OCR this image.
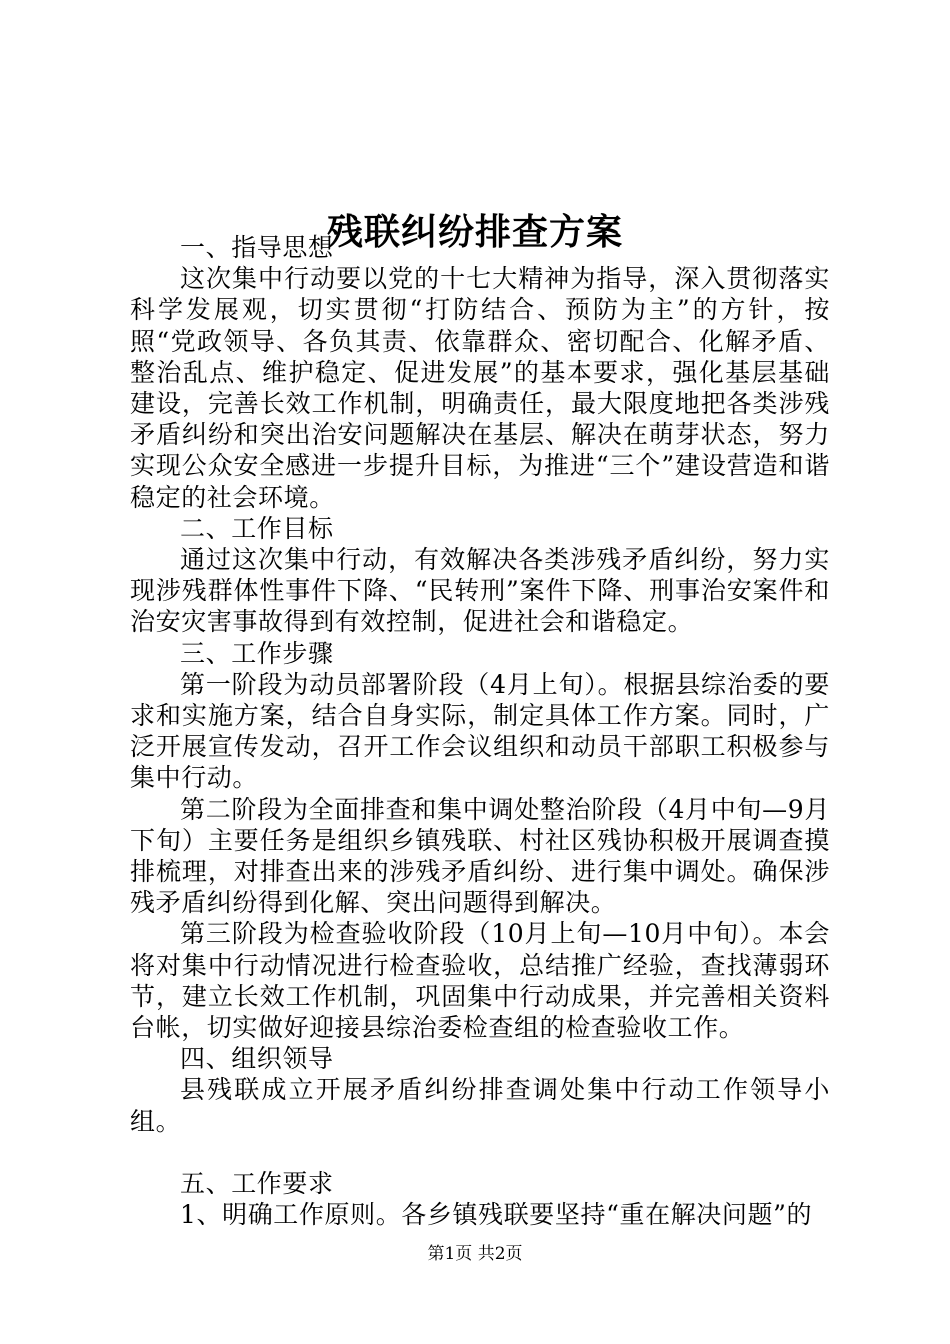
残联纠纷排查方案

一、指导思想

这次集中行动要以党的十七大精神为指导，深入贯彻落实科学发展观，切实贯彻“打防结合、预防为主”的方针，按照“党政领导、各负其责、依靠群众、密切配合、化解矛盾、整治乱点、维护稳定、促进发展”的基本要求，强化基层基础建设，完善长效工作机制，明确责任，最大限度地把各类涉残矛盾纠纷和突出治安问题解决在基层、解决在萌芽状态，努力实现公众安全感进一步提升目标，为推进“三个”建设营造和谐稳定的社会环境。

二、工作目标

通过这次集中行动，有效解决各类涉残矛盾纠纷，努力实现涉残群体性事件下降、“民转刑”案件下降、刑事治安案件和治安灾害事故得到有效控制，促进社会和谐稳定。

三、工作步骤

第一阶段为动员部署阶段（4月上旬）。根据县综治委的要求和实施方案，结合自身实际，制定具体工作方案。同时，广泛开展宣传发动，召开工作会议组织和动员干部职工积极参与集中行动。

第二阶段为全面排查和集中调处整治阶段（4月中旬—9月下旬）主要任务是组织乡镇残联、村社区残协积极开展调查摸排梳理，对排查出来的涉残矛盾纠纷、进行集中调处。确保涉残矛盾纠纷得到化解、突出问题得到解决。

第三阶段为检查验收阶段（10月上旬—10月中旬）。本会将对集中行动情况进行检查验收，总结推广经验，查找薄弱环节，建立长效工作机制，巩固集中行动成果，并完善相关资料台帐，切实做好迎接县综治委检查组的检查验收工作。

四、组织领导

县残联成立开展矛盾纠纷排查调处集中行动工作领导小组。

五、工作要求

1、明确工作原则。各乡镇残联要坚持“重在解决问题”的

第1页 共2页
